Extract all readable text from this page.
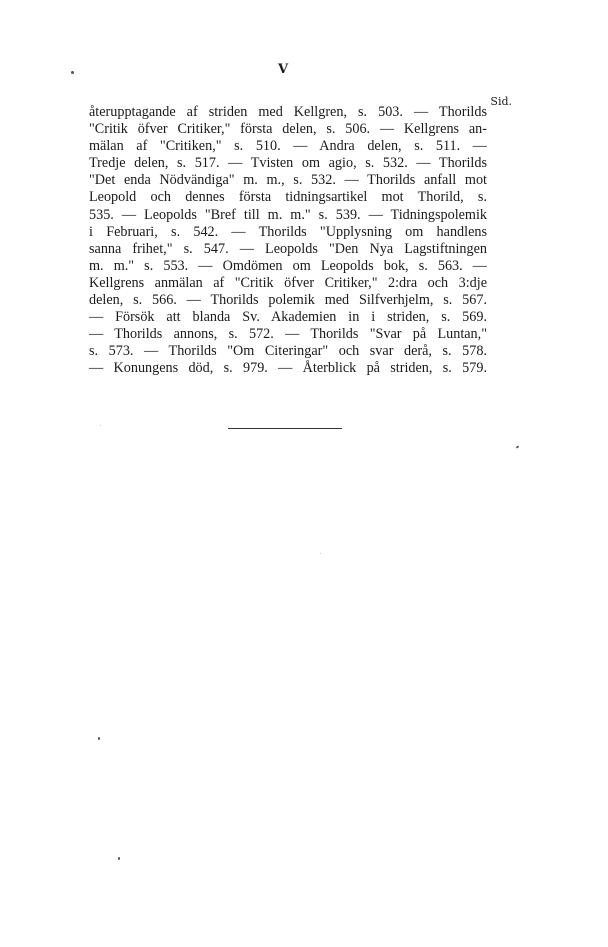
V
Sid.
återupptagande af striden med Kellgren, s. 503. — Thorilds
"Critik öfver Critiker," första delen, s. 506. — Kellgrens an-
mälan af "Critiken," s. 510. — Andra delen, s. 511. —
Tredje delen, s. 517. — Tvisten om agio, s. 532. — Thorilds
"Det enda Nödvändiga" m. m., s. 532. — Thorilds anfall mot
Leopold och dennes första tidningsartikel mot Thorild, s.
535. — Leopolds "Bref till m. m." s. 539. — Tidningspolemik
i Februari, s. 542. — Thorilds "Upplysning om handlens
sanna frihet," s. 547. — Leopolds "Den Nya Lagstiftningen
m. m." s. 553. — Omdömen om Leopolds bok, s. 563. —
Kellgrens anmälan af "Critik öfver Critiker," 2:dra och 3:dje
delen, s. 566. — Thorilds polemik med Silfverhjelm, s. 567.
— Försök att blanda Sv. Akademien in i striden, s. 569.
— Thorilds annons, s. 572. — Thorilds "Svar på Luntan,"
s. 573. — Thorilds "Om Citeringar" och svar derå, s. 578.
— Konungens död, s. 979. — Återblick på striden, s. 579.
